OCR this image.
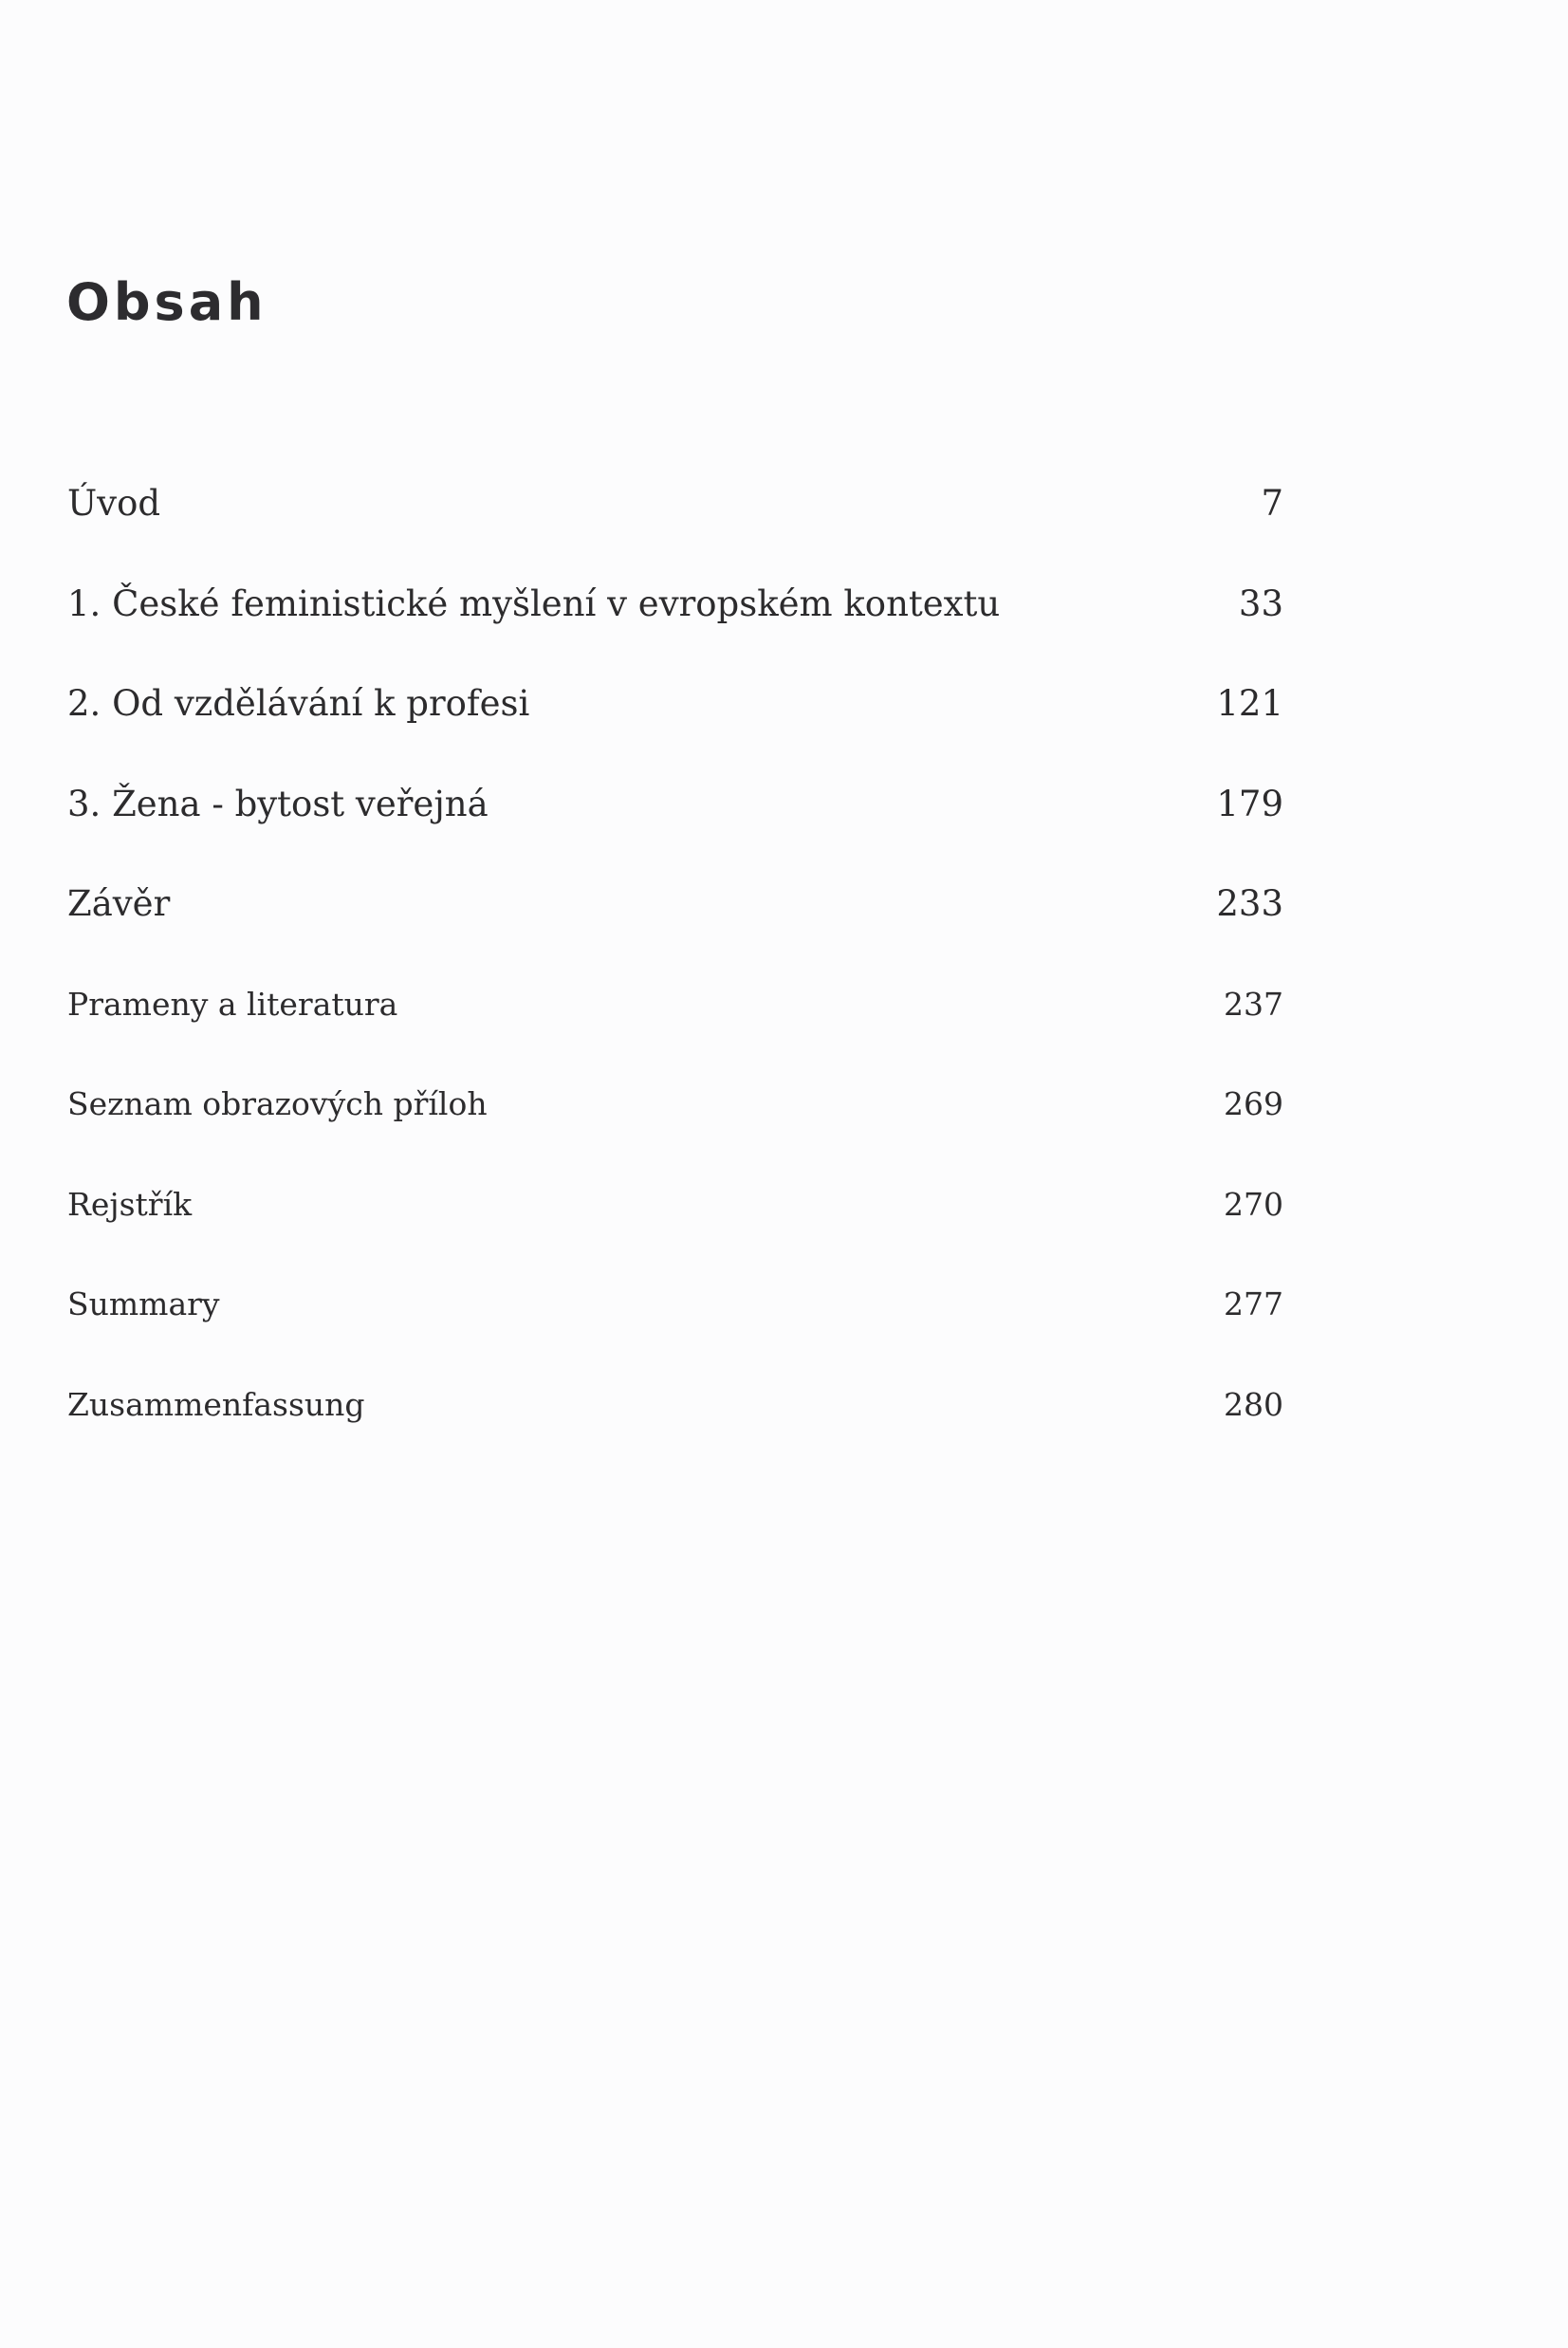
Obsah
Úvod	7
1. České feministické myšlení v evropském kontextu	33
2. Od vzdělávání k profesi	121
3. Žena - bytost veřejná	179
Závěr	233
Prameny a literatura	237
Seznam obrazových příloh	269
Rejstřík	270
Summary	277
Zusammenfassung	280
